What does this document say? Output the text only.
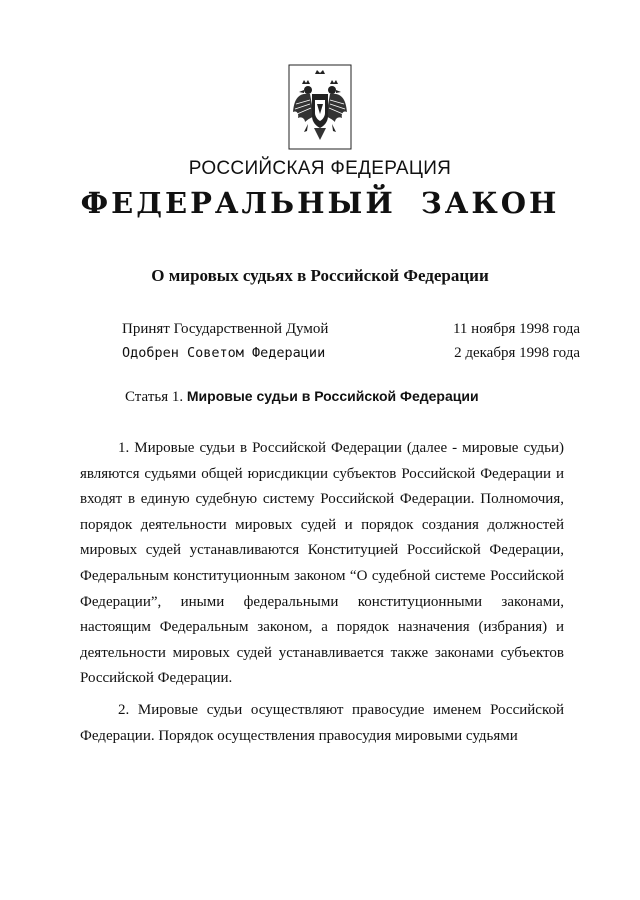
РОССИЙСКАЯ ФЕДЕРАЦИЯ
ФЕДЕРАЛЬНЫЙ ЗАКОН
О мировых судьях в Российской Федерации
Принят Государственной Думой	11 ноября 1998 года
Одобрен Советом Федерации	2 декабря 1998 года
Статья 1. Мировые судьи в Российской Федерации

1. Мировые судьи в Российской Федерации (далее - мировые судьи) являются судьями общей юрисдикции субъектов Российской Федерации и входят в единую судебную систему Российской Федерации. Полномочия, порядок деятельности мировых судей и порядок создания должностей мировых судей устанавливаются Конституцией Российской Федерации, Федеральным конституционным законом “О судебной системе Российской Федерации”, иными федеральными конституционными законами, настоящим Федеральным законом, а порядок назначения (избрания) и деятельности мировых судей устанавливается также законами субъектов Российской Федерации.

2. Мировые судьи осуществляют правосудие именем Российской Федерации. Порядок осуществления правосудия мировыми судьями
